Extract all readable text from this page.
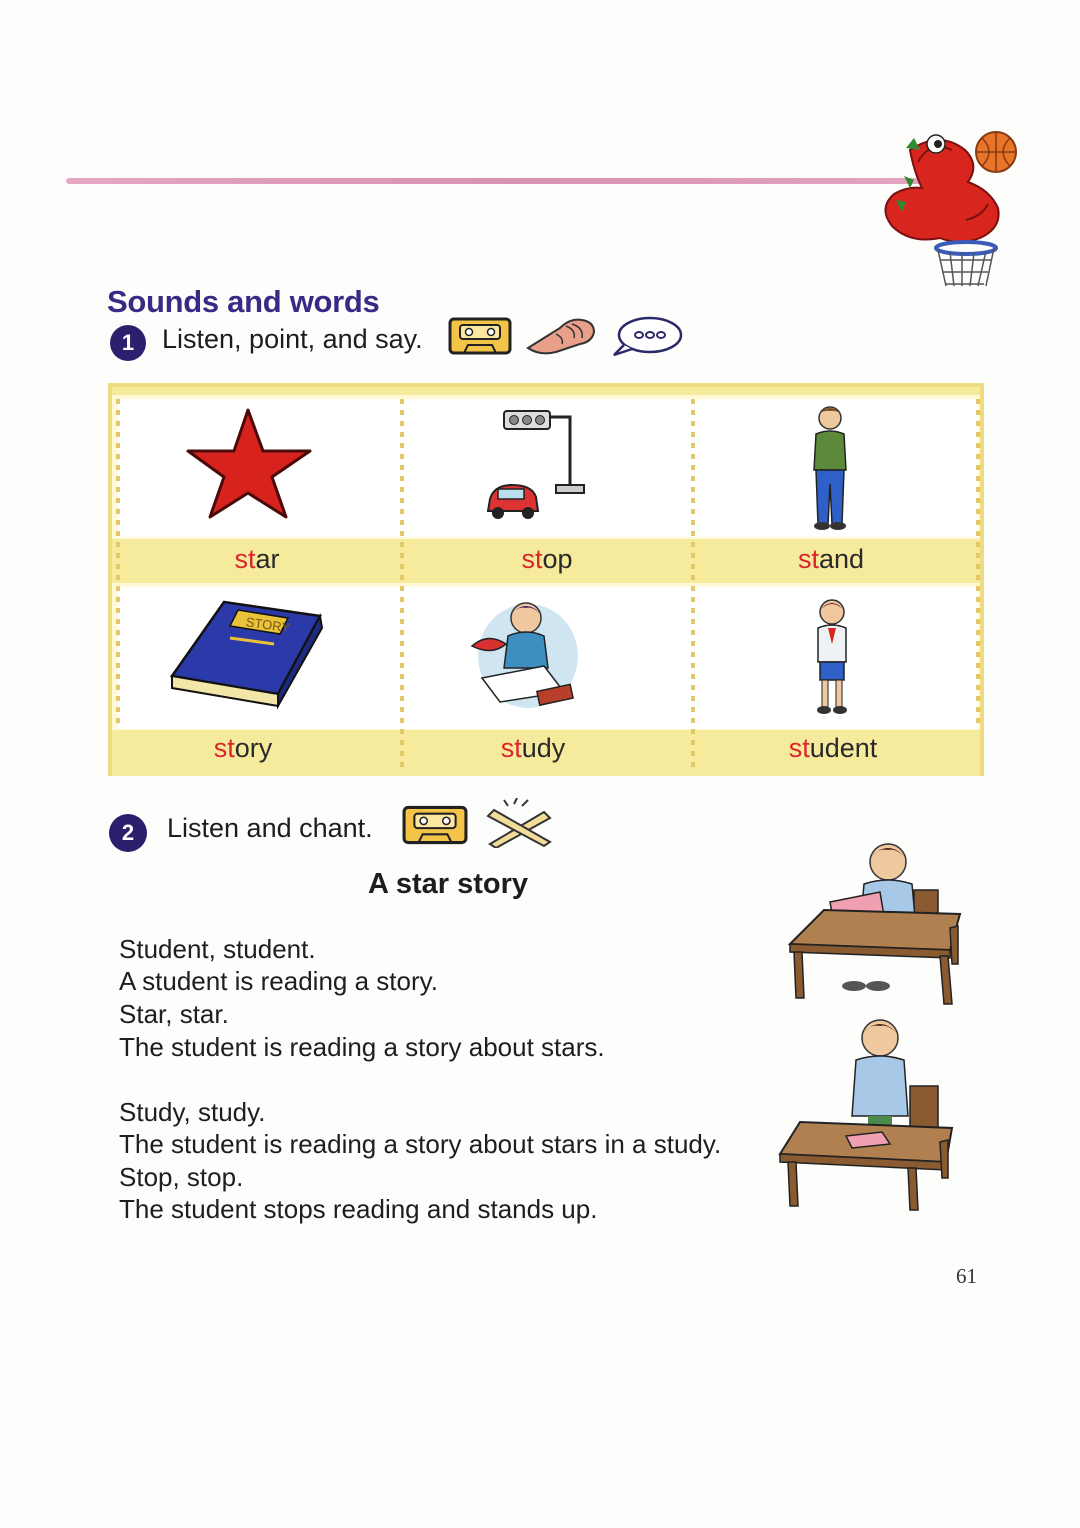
Sounds and words
1	Listen, point, and say.
star	stop	stand
story	study	student
STORY
2	Listen and chant.
A star story
Student, student.
A student is reading a story.
Star, star.
The student is reading a story about stars.
Study, study.
The student is reading a story about stars in a study.
Stop, stop.
The student stops reading and stands up.
61
